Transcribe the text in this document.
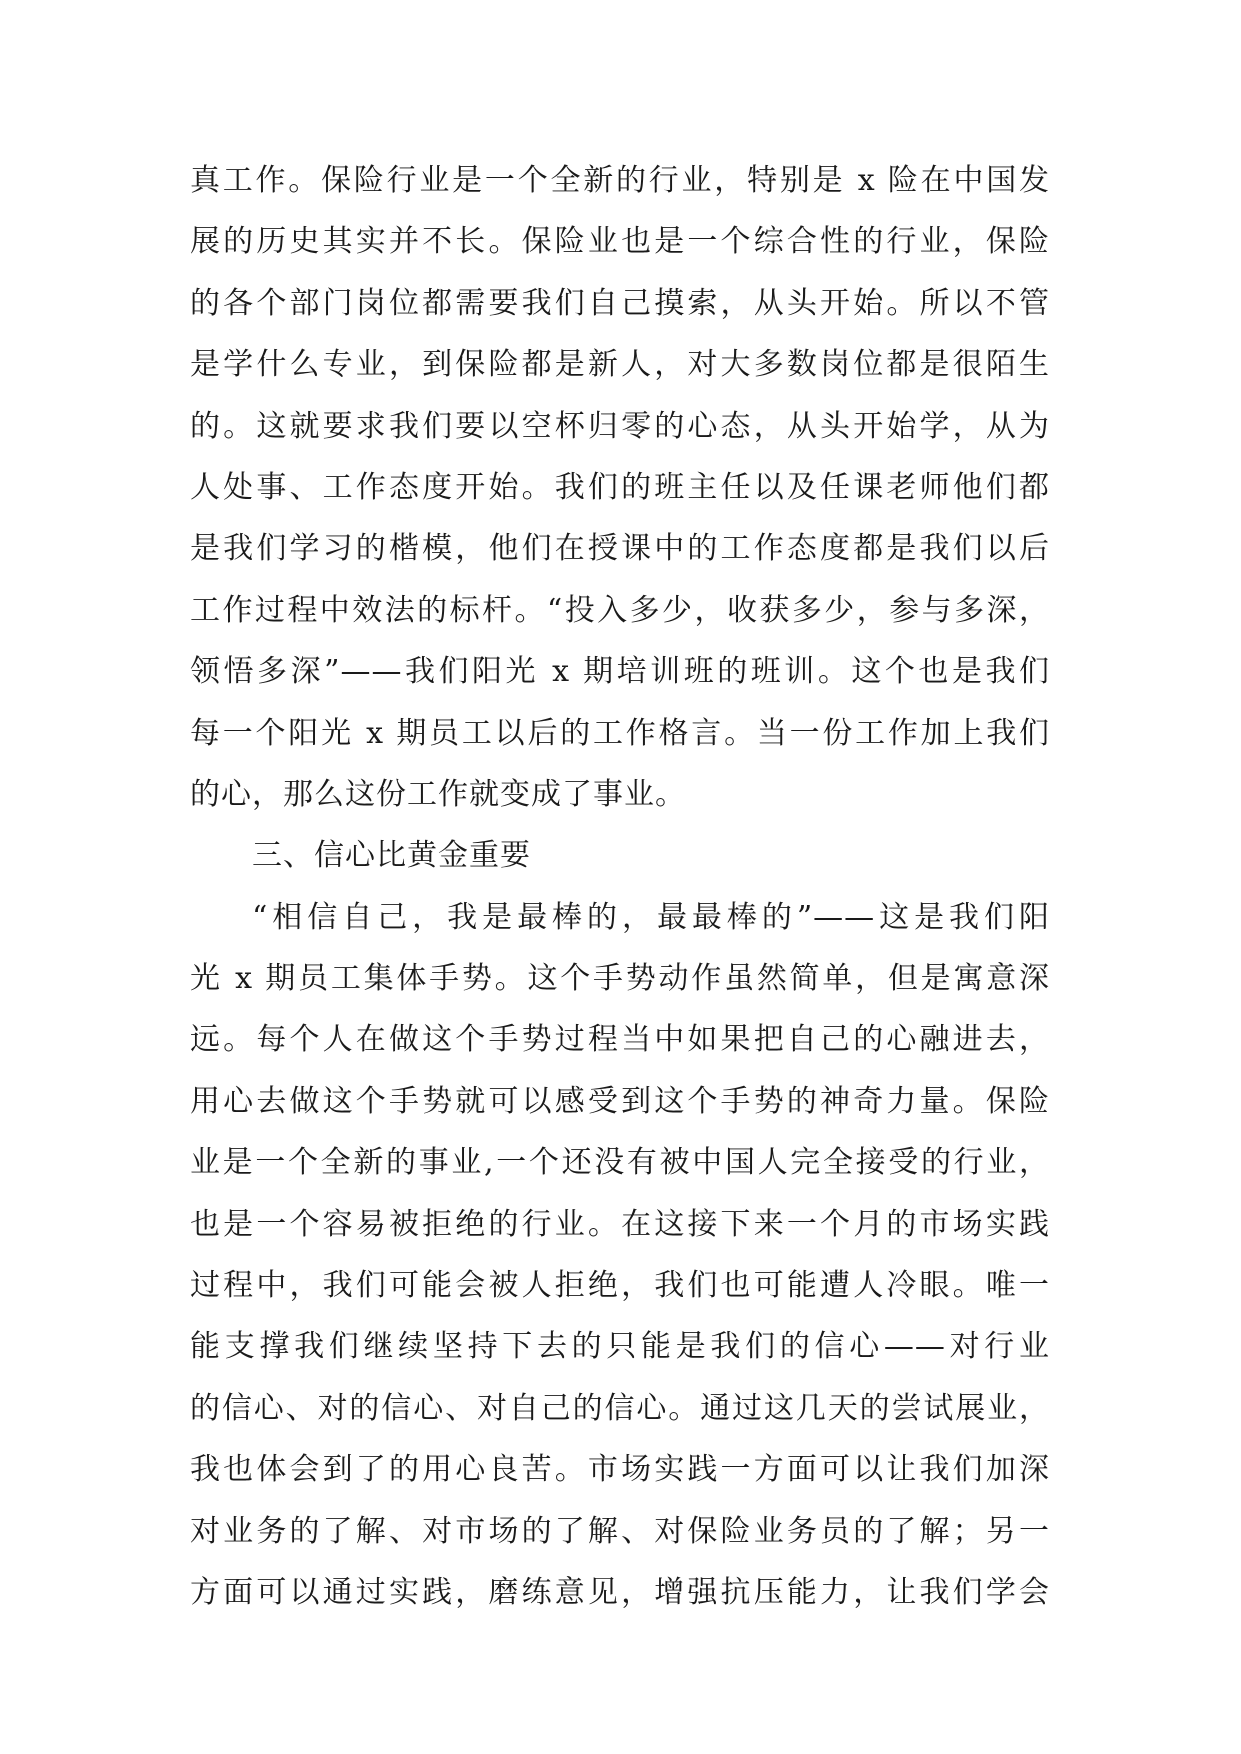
真工作。保险行业是一个全新的行业，特别是 x 险在中国发
展的历史其实并不长。保险业也是一个综合性的行业，保险
的各个部门岗位都需要我们自己摸索，从头开始。所以不管
是学什么专业，到保险都是新人，对大多数岗位都是很陌生
的。这就要求我们要以空杯归零的心态，从头开始学，从为
人处事、工作态度开始。我们的班主任以及任课老师他们都
是我们学习的楷模，他们在授课中的工作态度都是我们以后
工作过程中效法的标杆。“投入多少，收获多少，参与多深，
领悟多深”——我们阳光 x 期培训班的班训。这个也是我们
每一个阳光 x 期员工以后的工作格言。当一份工作加上我们
的心，那么这份工作就变成了事业。
三、信心比黄金重要
“相信自己，我是最棒的，最最棒的”——这是我们阳
光 x 期员工集体手势。这个手势动作虽然简单，但是寓意深
远。每个人在做这个手势过程当中如果把自己的心融进去，
用心去做这个手势就可以感受到这个手势的神奇力量。保险
业是一个全新的事业,一个还没有被中国人完全接受的行业，
也是一个容易被拒绝的行业。在这接下来一个月的市场实践
过程中，我们可能会被人拒绝，我们也可能遭人冷眼。唯一
能支撑我们继续坚持下去的只能是我们的信心——对行业
的信心、对的信心、对自己的信心。通过这几天的尝试展业，
我也体会到了的用心良苦。市场实践一方面可以让我们加深
对业务的了解、对市场的了解、对保险业务员的了解；另一
方面可以通过实践，磨练意见，增强抗压能力，让我们学会
